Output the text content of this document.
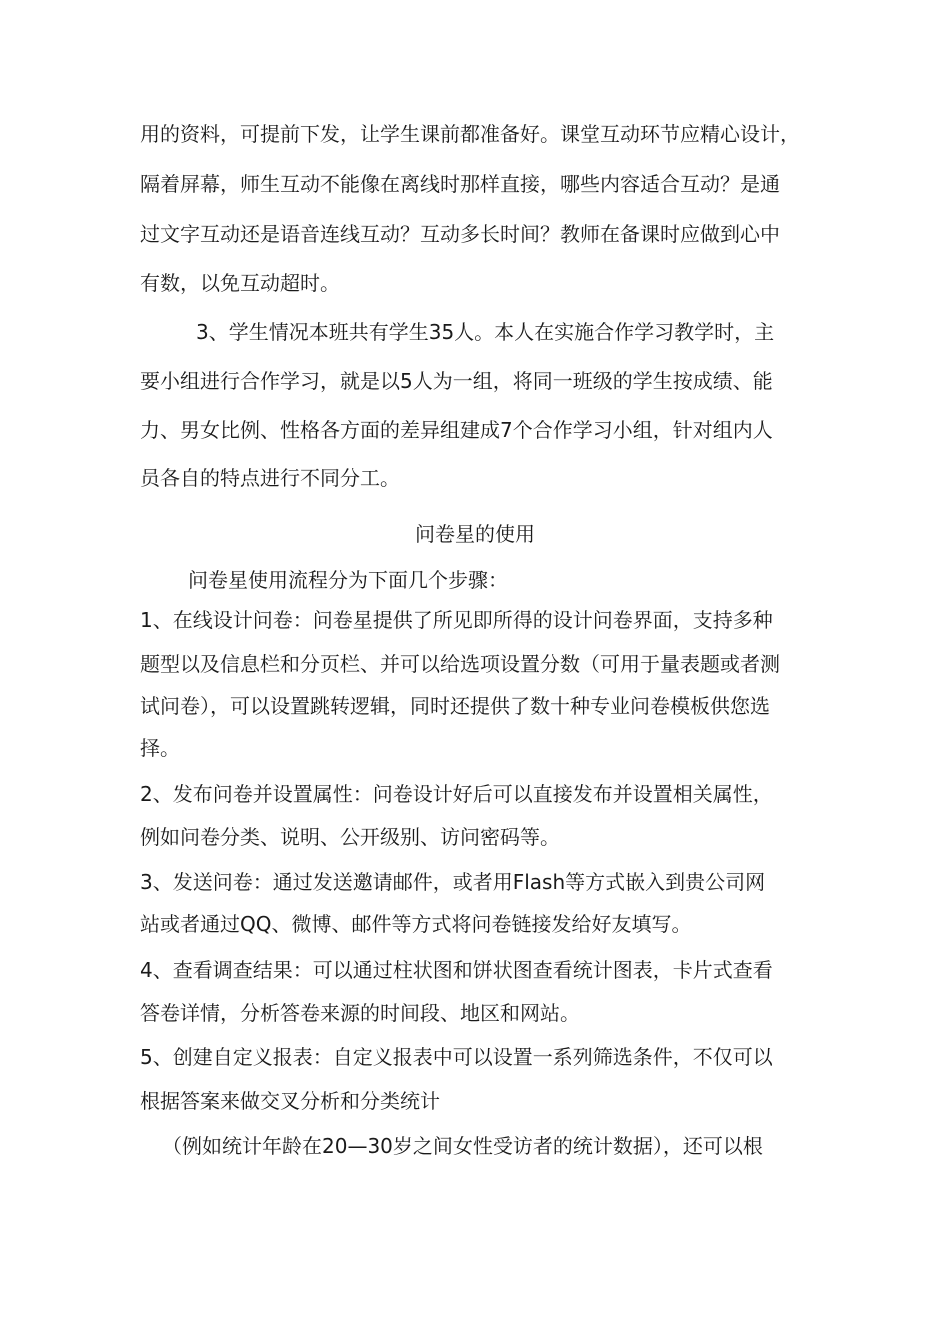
用的资料，可提前下发，让学生课前都准备好。课堂互动环节应精心设计，
隔着屏幕，师生互动不能像在离线时那样直接，哪些内容适合互动？是通
过文字互动还是语音连线互动？互动多长时间？教师在备课时应做到心中
有数，以免互动超时。
3、学生情况本班共有学生35人。本人在实施合作学习教学时，主
要小组进行合作学习，就是以5人为一组，将同一班级的学生按成绩、能
力、男女比例、性格各方面的差异组建成7个合作学习小组，针对组内人
员各自的特点进行不同分工。
问卷星的使用
问卷星使用流程分为下面几个步骤：
1、在线设计问卷：问卷星提供了所见即所得的设计问卷界面，支持多种
题型以及信息栏和分页栏、并可以给选项设置分数（可用于量表题或者测
试问卷），可以设置跳转逻辑，同时还提供了数十种专业问卷模板供您选
择。
2、发布问卷并设置属性：问卷设计好后可以直接发布并设置相关属性，
例如问卷分类、说明、公开级别、访问密码等。
3、发送问卷：通过发送邀请邮件，或者用Flash等方式嵌入到贵公司网
站或者通过QQ、微博、邮件等方式将问卷链接发给好友填写。
4、查看调查结果：可以通过柱状图和饼状图查看统计图表，卡片式查看
答卷详情，分析答卷来源的时间段、地区和网站。
5、创建自定义报表：自定义报表中可以设置一系列筛选条件，不仅可以
根据答案来做交叉分析和分类统计
（例如统计年龄在20—30岁之间女性受访者的统计数据），还可以根
